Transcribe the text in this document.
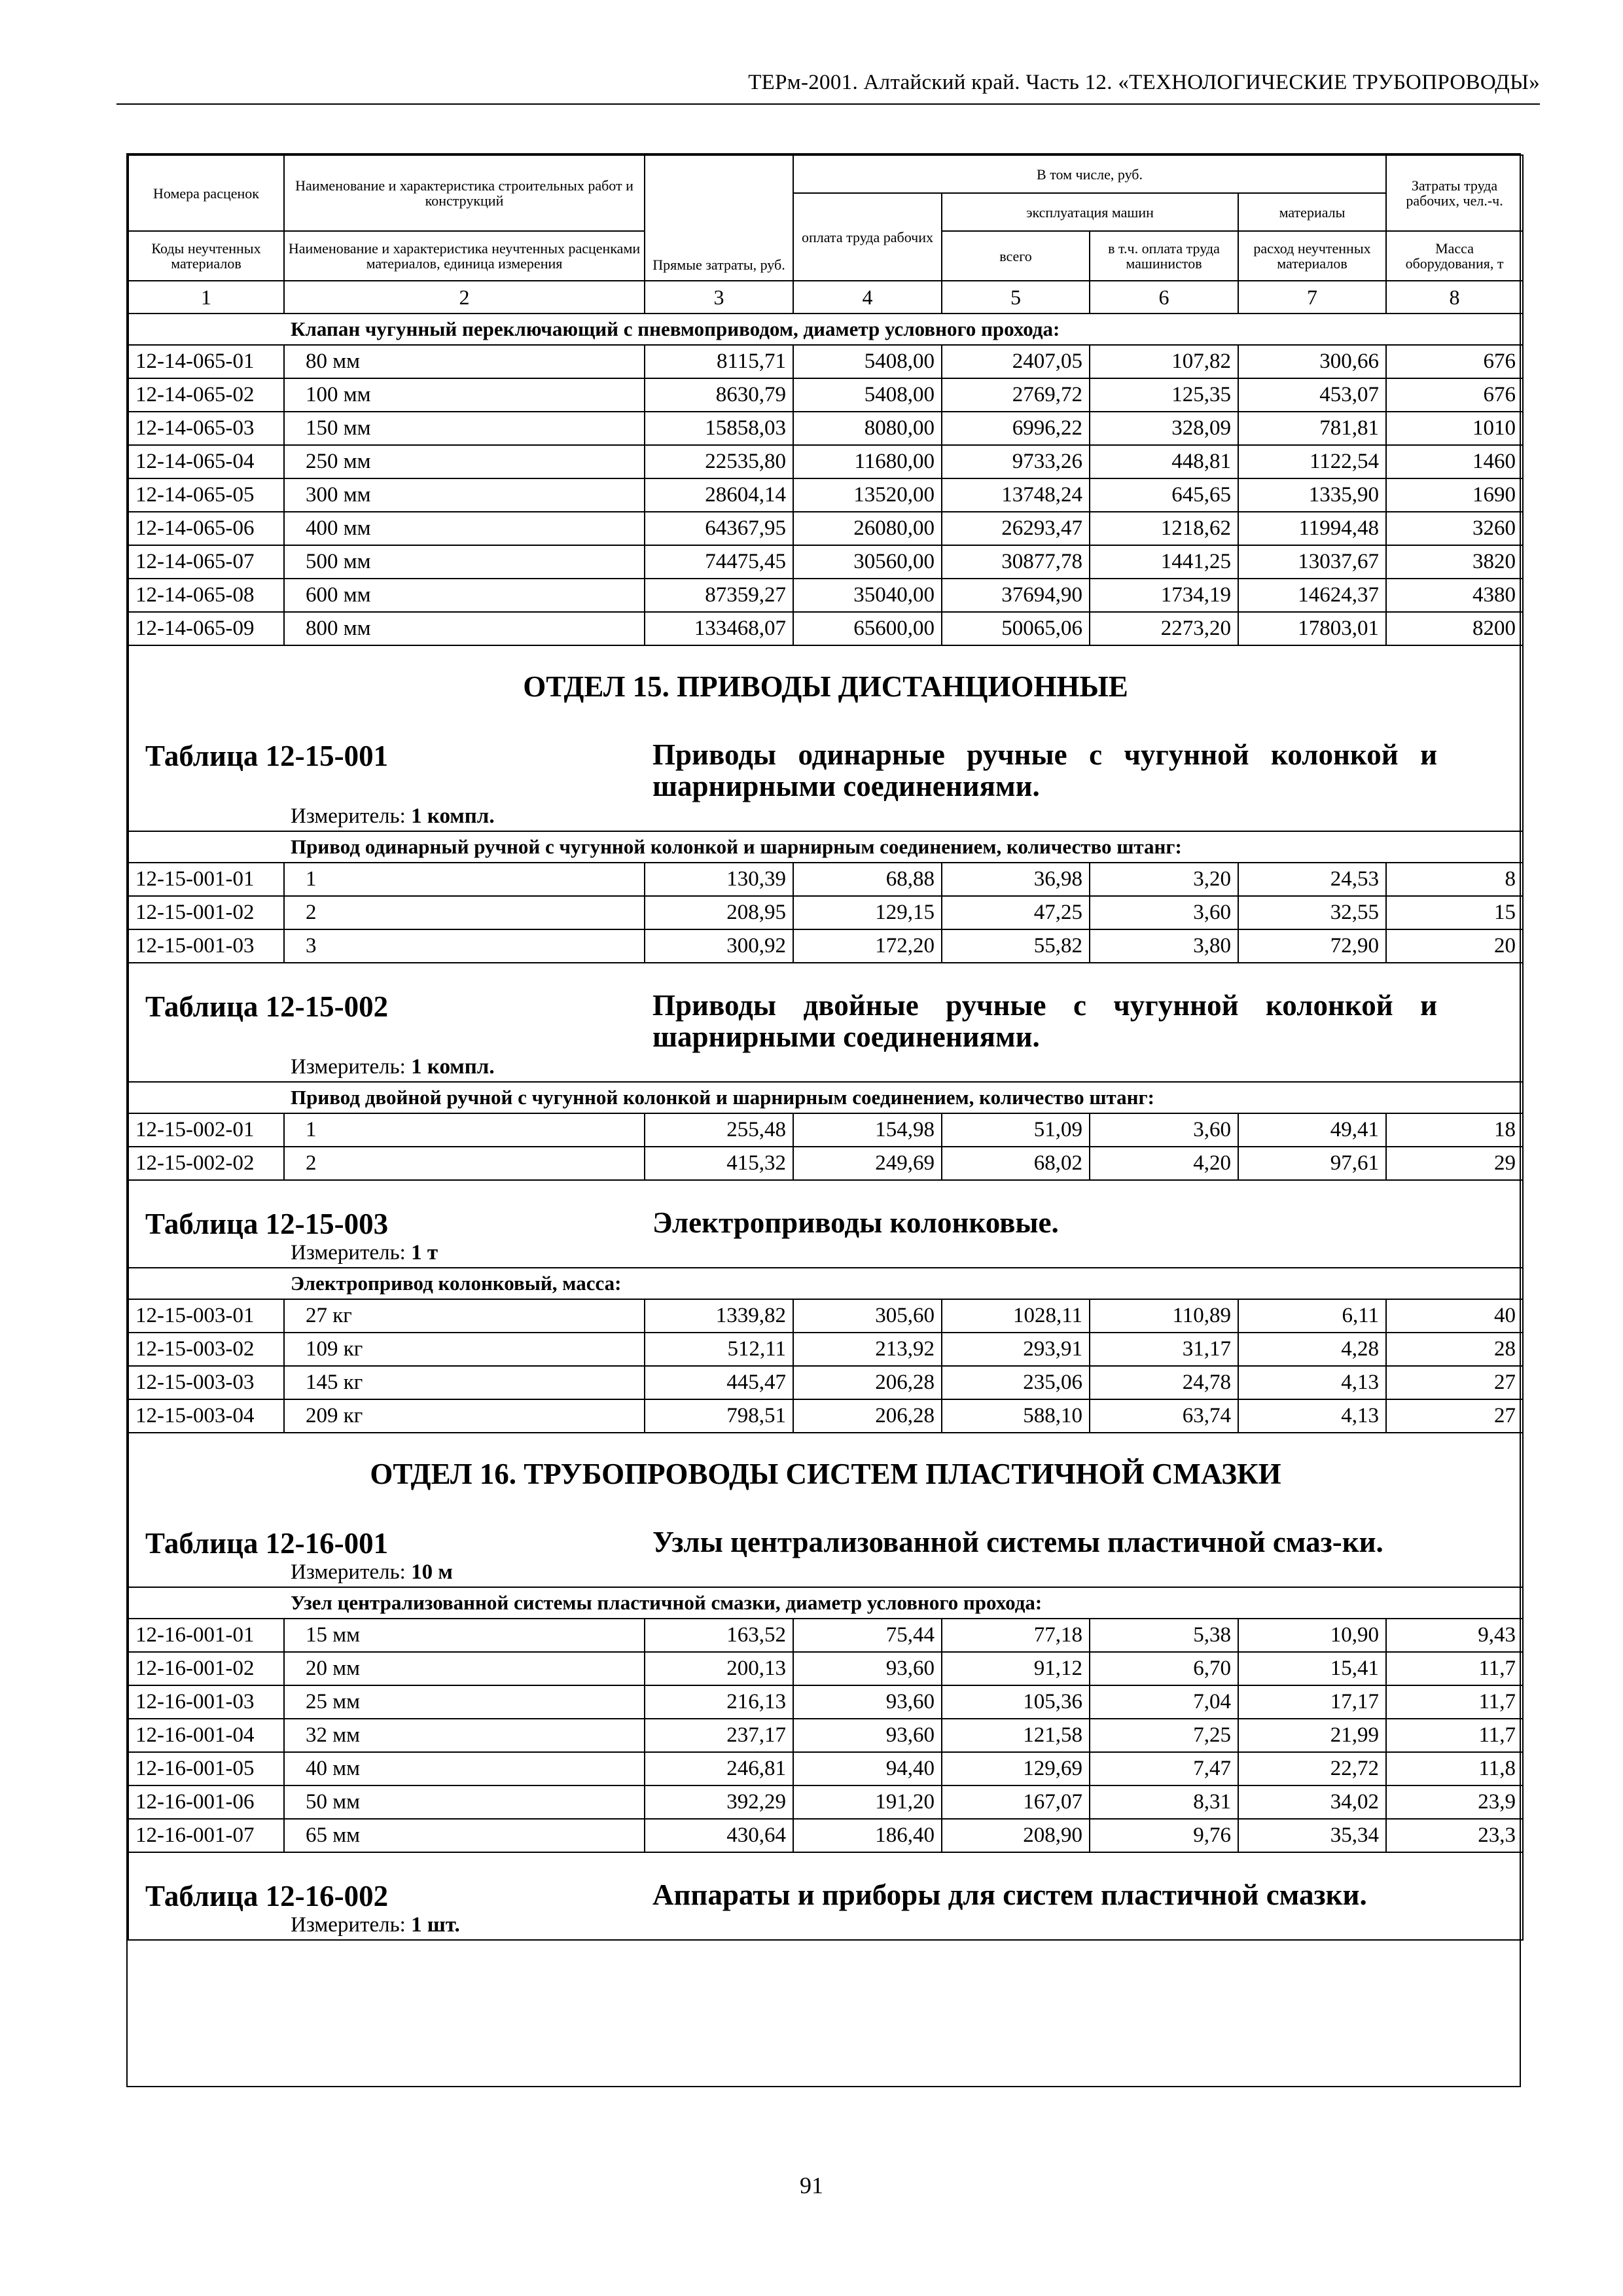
ТЕРм-2001. Алтайский край. Часть 12. «ТЕХНОЛОГИЧЕСКИЕ ТРУБОПРОВОДЫ»
Номера расценок	Наименование и характеристика строительных работ и конструкций	Прямые затраты, руб.	В том числе, руб.				Затраты труда рабочих, чел.-ч.
			оплата труда рабочих	эксплуатация машин		материалы	
Коды неучтенных материалов	Наименование и характеристика неучтенных расценками материалов, единица измерения			всего	в т.ч. оплата труда машинистов	расход неучтенных материалов	Масса оборудования, т
1	2	3	4	5	6	7	8
Клапан чугунный переключающий с пневмоприводом, диаметр условного прохода:							
12-14-065-01	80 мм	8115,71	5408,00	2407,05	107,82	300,66	676
12-14-065-02	100 мм	8630,79	5408,00	2769,72	125,35	453,07	676
12-14-065-03	150 мм	15858,03	8080,00	6996,22	328,09	781,81	1010
12-14-065-04	250 мм	22535,80	11680,00	9733,26	448,81	1122,54	1460
12-14-065-05	300 мм	28604,14	13520,00	13748,24	645,65	1335,90	1690
12-14-065-06	400 мм	64367,95	26080,00	26293,47	1218,62	11994,48	3260
12-14-065-07	500 мм	74475,45	30560,00	30877,78	1441,25	13037,67	3820
12-14-065-08	600 мм	87359,27	35040,00	37694,90	1734,19	14624,37	4380
12-14-065-09	800 мм	133468,07	65600,00	50065,06	2273,20	17803,01	8200

ОТДЕЛ 15. ПРИВОДЫ ДИСТАНЦИОННЫЕ
Таблица 12-15-001 Приводы одинарные ручные с чугунной колонкой и шарнирными соединениями.
Измеритель: 1 компл.							

Привод одинарный ручной с чугунной колонкой и шарнирным соединением, количество штанг:							
12-15-001-01	1	130,39	68,88	36,98	3,20	24,53	8
12-15-001-02	2	208,95	129,15	47,25	3,60	32,55	15
12-15-001-03	3	300,92	172,20	55,82	3,80	72,90	20

Таблица 12-15-002 Приводы двойные ручные с чугунной колонкой и шарнирными соединениями.
Измеритель: 1 компл.							

Привод двойной ручной с чугунной колонкой и шарнирным соединением, количество штанг:							
12-15-002-01	1	255,48	154,98	51,09	3,60	49,41	18
12-15-002-02	2	415,32	249,69	68,02	4,20	97,61	29

Таблица 12-15-003 Электроприводы колонковые.
Измеритель: 1 т							

Электропривод колонковый, масса:							
12-15-003-01	27 кг	1339,82	305,60	1028,11	110,89	6,11	40
12-15-003-02	109 кг	512,11	213,92	293,91	31,17	4,28	28
12-15-003-03	145 кг	445,47	206,28	235,06	24,78	4,13	27
12-15-003-04	209 кг	798,51	206,28	588,10	63,74	4,13	27

ОТДЕЛ 16. ТРУБОПРОВОДЫ СИСТЕМ ПЛАСТИЧНОЙ СМАЗКИ
Таблица 12-16-001 Узлы централизованной системы пластичной смаз-ки.
Измеритель: 10 м							

Узел централизованной системы пластичной смазки, диаметр условного прохода:							
12-16-001-01	15 мм	163,52	75,44	77,18	5,38	10,90	9,43
12-16-001-02	20 мм	200,13	93,60	91,12	6,70	15,41	11,7
12-16-001-03	25 мм	216,13	93,60	105,36	7,04	17,17	11,7
12-16-001-04	32 мм	237,17	93,60	121,58	7,25	21,99	11,7
12-16-001-05	40 мм	246,81	94,40	129,69	7,47	22,72	11,8
12-16-001-06	50 мм	392,29	191,20	167,07	8,31	34,02	23,9
12-16-001-07	65 мм	430,64	186,40	208,90	9,76	35,34	23,3

Таблица 12-16-002 Аппараты и приборы для систем пластичной смазки.
Измеритель: 1 шт.							
91
